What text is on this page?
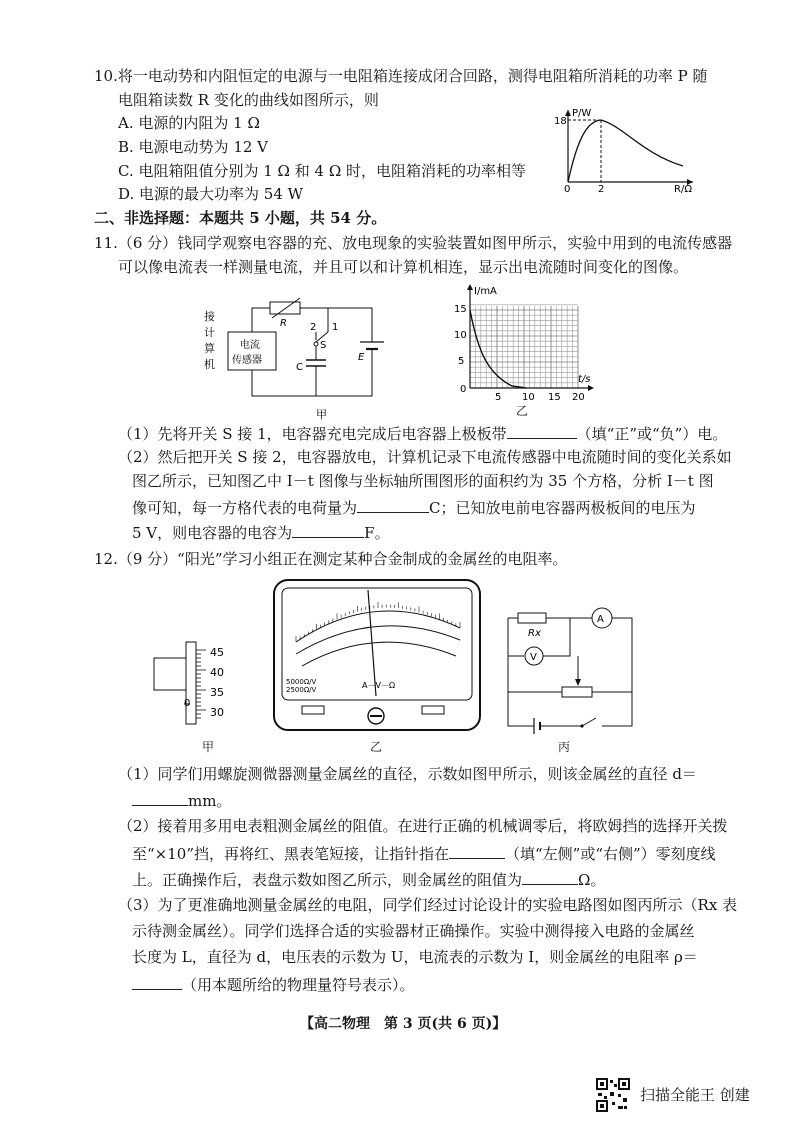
10.将一电动势和内阻恒定的电源与一电阻箱连接成闭合回路，测得电阻箱所消耗的功率 P 随
电阻箱读数 R 变化的曲线如图所示，则
A. 电源的内阻为 1 Ω
B. 电源电动势为 12 V
C. 电阻箱阻值分别为 1 Ω 和 4 Ω 时，电阻箱消耗的功率相等
D. 电源的最大功率为 54 W
P/W
18
0	2	R/Ω
二、非选择题：本题共 5 小题，共 54 分。
11.（6 分）钱同学观察电容器的充、放电现象的实验装置如图甲所示，实验中用到的电流传感器
可以像电流表一样测量电流，并且可以和计算机相连，显示出电流随时间变化的图像。
接
计
算
机
电流
传感器
R
E
2 1
S
C
甲
I/mA
15
10
5
0
5 10 15 20
t/s
乙
（1）先将开关 S 接 1，电容器充电完成后电容器上极板带	（填“正”或“负”）电。
（2）然后把开关 S 接 2，电容器放电，计算机记录下电流传感器中电流随时间的变化关系如
图乙所示，已知图乙中 I－t 图像与坐标轴所围图形的面积约为 35 个方格，分析 I－t 图
像可知，每一方格代表的电荷量为	C；已知放电前电容器两极板间的电压为
5 V，则电容器的电容为	F。
12.（9 分）“阳光”学习小组正在测定某种合金制成的金属丝的电阻率。
0
45
40
35
30
甲
A－V－Ω
5000Ω/V
2500Ω/V
乙
Rx
A
V
丙
（1）同学们用螺旋测微器测量金属丝的直径，示数如图甲所示，则该金属丝的直径 d＝
mm。
（2）接着用多用电表粗测金属丝的阻值。在进行正确的机械调零后，将欧姆挡的选择开关拨
至“×10”挡，再将红、黑表笔短接，让指针指在	（填“左侧”或“右侧”）零刻度线
上。正确操作后，表盘示数如图乙所示，则金属丝的阻值为	Ω。
（3）为了更准确地测量金属丝的电阻，同学们经过讨论设计的实验电路图如图丙所示（Rx 表
示待测金属丝）。同学们选择合适的实验器材正确操作。实验中测得接入电路的金属丝
长度为 L，直径为 d，电压表的示数为 U，电流表的示数为 I，则金属丝的电阻率 ρ＝
（用本题所给的物理量符号表示）。
【高二物理　第 3 页(共 6 页)】
扫描全能王 创建
